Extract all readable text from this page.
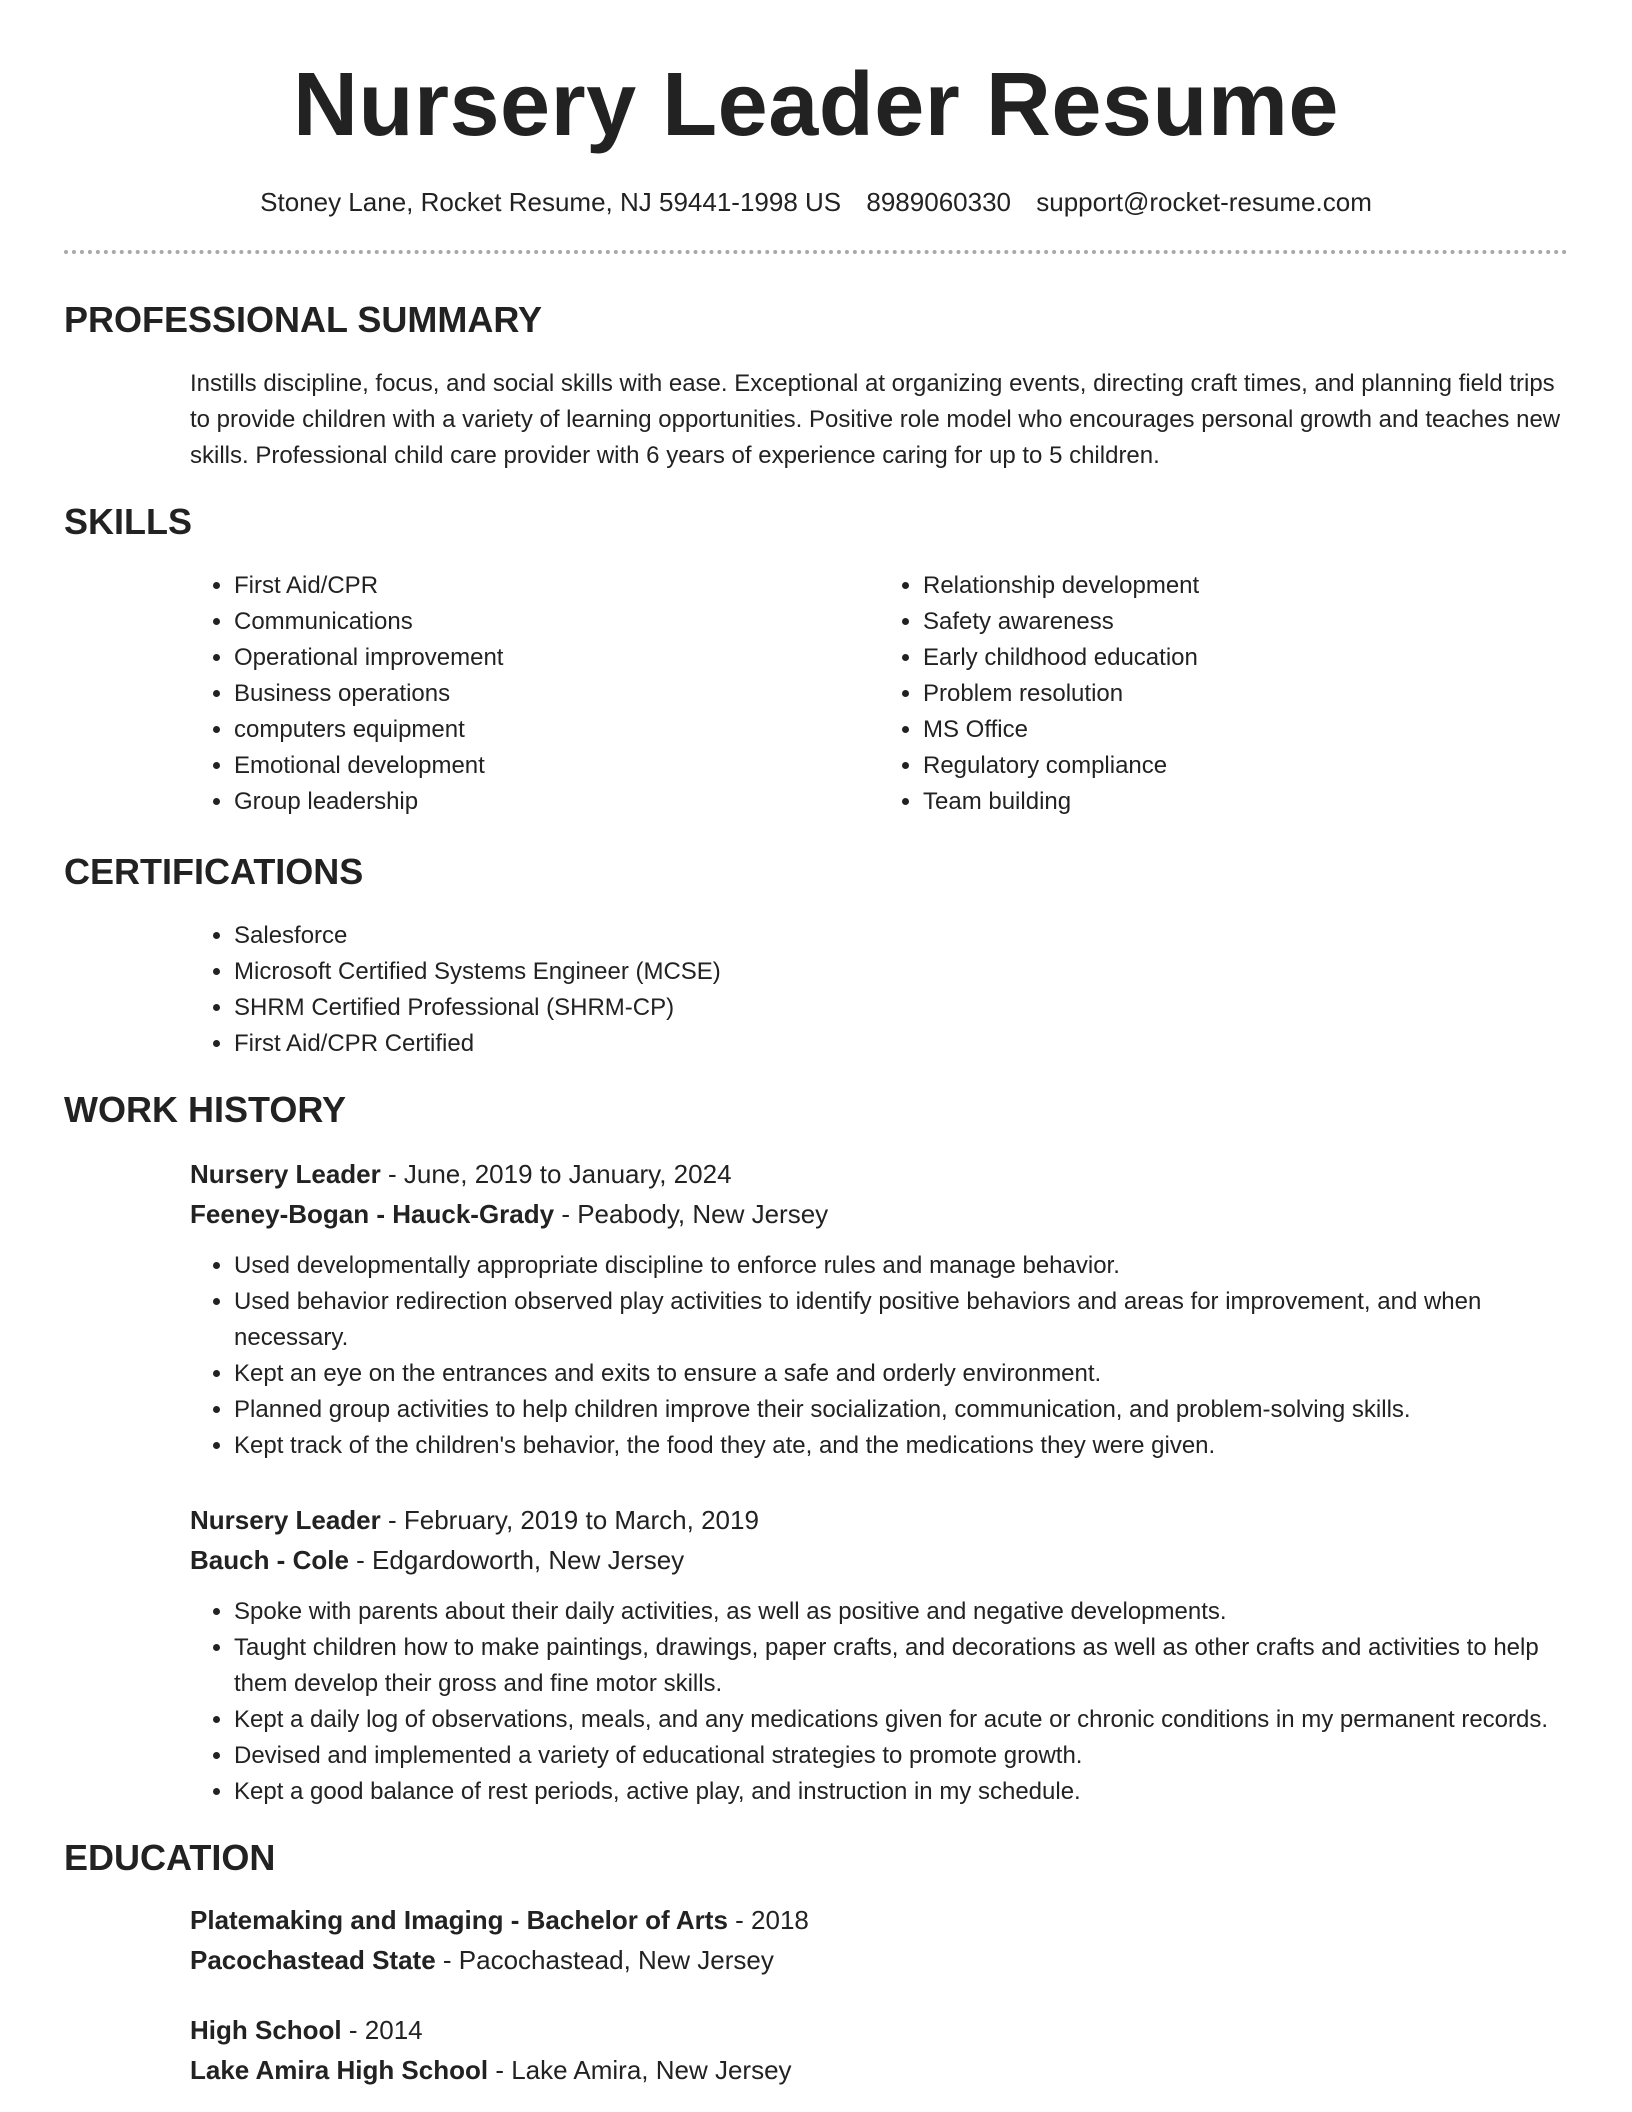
Nursery Leader Resume
Stoney Lane, Rocket Resume, NJ 59441-1998 US 8989060330 support@rocket-resume.com
PROFESSIONAL SUMMARY

Instills discipline, focus, and social skills with ease. Exceptional at organizing events, directing craft times, and planning field trips to provide children with a variety of learning opportunities. Positive role model who encourages personal growth and teaches new skills. Professional child care provider with 6 years of experience caring for up to 5 children.

SKILLS
• First Aid/CPR
• Communications
• Operational improvement
• Business operations
• computers equipment
• Emotional development
• Group leadership
• Relationship development
• Safety awareness
• Early childhood education
• Problem resolution
• MS Office
• Regulatory compliance
• Team building
CERTIFICATIONS
• Salesforce
• Microsoft Certified Systems Engineer (MCSE)
• SHRM Certified Professional (SHRM-CP)
• First Aid/CPR Certified
WORK HISTORY
Nursery Leader - June, 2019 to January, 2024
Feeney-Bogan - Hauck-Grady - Peabody, New Jersey
• Used developmentally appropriate discipline to enforce rules and manage behavior.
• Used behavior redirection observed play activities to identify positive behaviors and areas for improvement, and when necessary.
• Kept an eye on the entrances and exits to ensure a safe and orderly environment.
• Planned group activities to help children improve their socialization, communication, and problem-solving skills.
• Kept track of the children's behavior, the food they ate, and the medications they were given.
Nursery Leader - February, 2019 to March, 2019
Bauch - Cole - Edgardoworth, New Jersey
• Spoke with parents about their daily activities, as well as positive and negative developments.
• Taught children how to make paintings, drawings, paper crafts, and decorations as well as other crafts and activities to help them develop their gross and fine motor skills.
• Kept a daily log of observations, meals, and any medications given for acute or chronic conditions in my permanent records.
• Devised and implemented a variety of educational strategies to promote growth.
• Kept a good balance of rest periods, active play, and instruction in my schedule.
EDUCATION
Platemaking and Imaging - Bachelor of Arts - 2018
Pacochastead State - Pacochastead, New Jersey
High School - 2014
Lake Amira High School - Lake Amira, New Jersey
